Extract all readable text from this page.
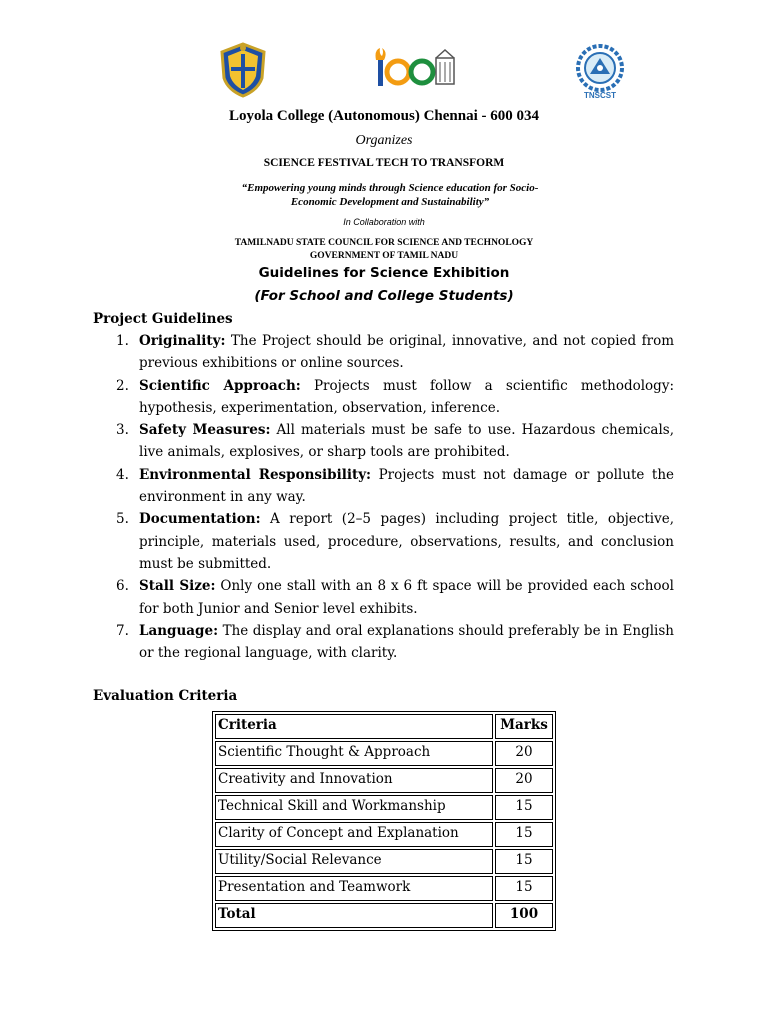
TNSCST
Loyola College (Autonomous) Chennai - 600 034
Organizes
SCIENCE FESTIVAL TECH TO TRANSFORM
“Empowering young minds through Science education for Socio-Economic Development and Sustainability”
In Collaboration with
TAMILNADU STATE COUNCIL FOR SCIENCE AND TECHNOLOGY
GOVERNMENT OF TAMIL NADU
Guidelines for Science Exhibition
(For School and College Students)
Project Guidelines
1. Originality: The Project should be original, innovative, and not copied from previous exhibitions or online sources.
2. Scientific Approach: Projects must follow a scientific methodology: hypothesis, experimentation, observation, inference.
3. Safety Measures: All materials must be safe to use. Hazardous chemicals, live animals, explosives, or sharp tools are prohibited.
4. Environmental Responsibility: Projects must not damage or pollute the environment in any way.
5. Documentation: A report (2–5 pages) including project title, objective, principle, materials used, procedure, observations, results, and conclusion must be submitted.
6. Stall Size: Only one stall with an 8 x 6 ft space will be provided each school for both Junior and Senior level exhibits.
7. Language: The display and oral explanations should preferably be in English or the regional language, with clarity.
Evaluation Criteria
Criteria	Marks
Scientific Thought & Approach	20
Creativity and Innovation	20
Technical Skill and Workmanship	15
Clarity of Concept and Explanation	15
Utility/Social Relevance	15
Presentation and Teamwork	15
Total	100
